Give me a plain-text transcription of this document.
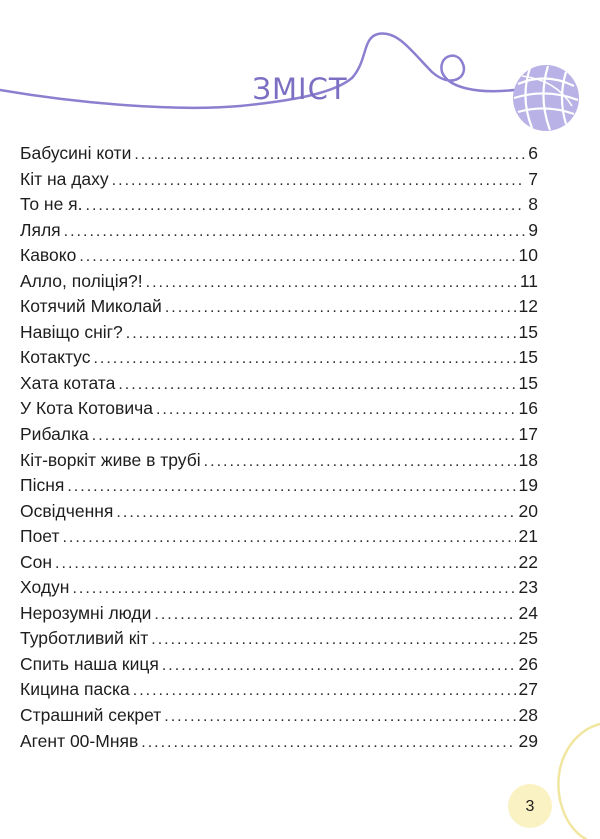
ЗМІСТ
Бабусині коти .....	6
Кіт на даху .....	7
То не я. .....	8
Ляля .....	9
Кавоко .....	10
Алло, поліція?! .....	11
Котячий Миколай .....	12
Навіщо сніг? .....	15
Котактус .....	15
Хата котата .....	15
У Кота Котовича .....	16
Рибалка .....	17
Кіт-воркіт живе в трубі .....	18
Пісня .....	19
Освідчення .....	20
Поет .....	21
Сон .....	22
Ходун .....	23
Нерозумні люди .....	24
Турботливий кіт .....	25
Спить наша киця .....	26
Кицина паска .....	27
Страшний секрет .....	28
Агент 00-Мняв .....	29
3
